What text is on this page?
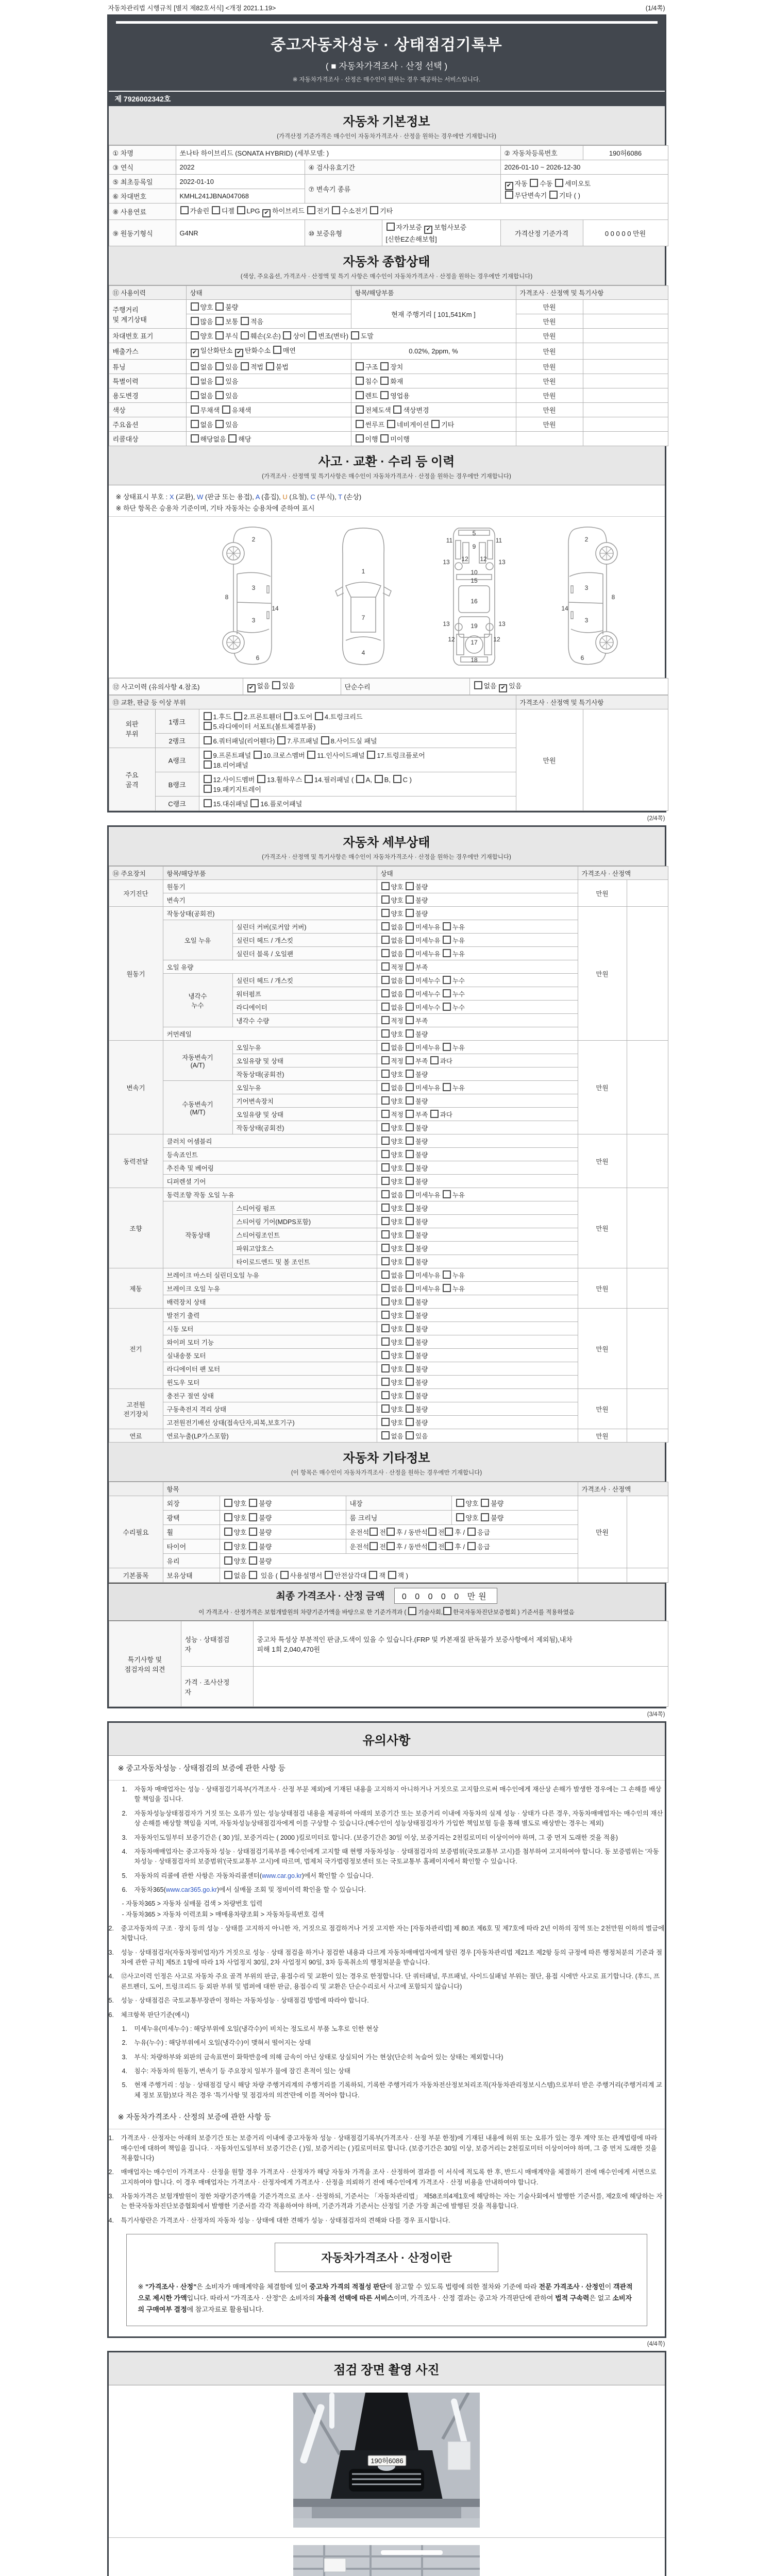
자동차관리법 시행규칙 [별지 제82호서식] <개정 2021.1.19>	(1/4쪽)
중고자동차성능 · 상태점검기록부
( ■ 자동차가격조사 · 산정 선택 )
※ 자동차가격조사 · 산정은 매수인이 원하는 경우 제공하는 서비스입니다.
제 7926002342호
자동차 기본정보
(가격산정 기준가격은 매수인이 자동차가격조사 · 산정을 원하는 경우에만 기재합니다)
① 차명	쏘나타 하이브리드 (SONATA HYBRID) (세부모델: )			② 자동차등록번호	190허6086
③ 연식	2022	④ 검사유효기간		2026-01-10 ~ 2026-12-30	
⑤ 최초등록일	2022-01-10	⑦ 변속기 종류		✔ 자동 수동 세미오토
무단변속기 기타 ( )	
⑥ 차대번호	KMHL241JBNA047068				
⑧ 사용연료	가솔린 디젤 LPG ✔ 하이브리드 전기 수소전기 기타				
⑨ 원동기형식	G4NR	⑩ 보증유형	자가보증 ✔ 보험사보증 [신한EZ손해보험]	가격산정 기준가격	0 0 0 0 0 만원
자동차 종합상태
(색상, 주요옵션, 가격조사 · 산정액 및 특기 사항은 매수인이 자동차가격조사 · 산정을 원하는 경우에만 기재합니다)
⑪ 사용이력	상태	항목/해당부품	가격조사 · 산정액 및 특기사항	
주행거리
및 계기상태	양호 불량	현재 주행거리 [ 101,541Km ]	만원	
	많음 보통 적음		만원	
차대번호 표기	양호 부식 훼손(오손) 상이 변조(변타) 도말		만원	
배출가스	✔ 일산화탄소 ✔ 탄화수소 매연	0.02%, 2ppm, %	만원	
튜닝	없음 있음 적법 불법	구조 장치	만원	
특별이력	없음 있음	침수 화재	만원	
용도변경	없음 있음	렌트 영업용	만원	
색상	무채색 유채색	전체도색 색상변경	만원	
주요옵션	없음 있음	썬루프 네비게이션 기타	만원	
리콜대상	해당없음 해당	이행 미이행		
사고 · 교환 · 수리 등 이력
(가격조사 · 산정액 및 특기사항은 매수인이 자동차가격조사 · 산정을 원하는 경우에만 기재합니다)
※ 상태표시 부호 : X (교환), W (판금 또는 용접), A (흠집), U (요철), C (부식), T (손상)
※ 하단 항목은 승용차 기준이며, 기타 자동차는 승용차에 준하여 표시
2
8
3
14
3
6
1
7
4
5
9
11	11
13	13
12 12
10
15
16
19
13	13
12	12
17
18
2
8
3
14
3
6
⑫ 사고이력 (유의사항 4.참조)	✔ 없음 있음	단순수리	없음 ✔ 있음
⑬ 교환, 판금 등 이상 부위			가격조사 · 산정액 및 특기사항	
외판
부위	1랭크	1.후드 2.프론트휀더 3.도어 4.트렁크리드
5.라디에이터 서포트(볼트체결부품)	만원	
	2랭크	6.쿼터패널(리어휀다) 7.루프패널 8.사이드실 패널		
주요
골격	A랭크	9.프론트패널 10.크로스멤버 11.인사이드패널 17.트렁크플로어
18.리어패널		
	B랭크	12.사이드멤버 13.휠하우스 14.필러패널 ( A, B, C )
19.패키지트레이		
	C랭크	15.대쉬패널 16.플로어패널		
(2/4쪽)
자동차 세부상태
(가격조사 · 산정액 및 특기사항은 매수인이 자동차가격조사 · 산정을 원하는 경우에만 기재합니다)
⑭ 주요장치	항목/해당부품		상태	가격조사 · 산정액	
자기진단	원동기		양호 불량	만원	
	변속기		양호 불량		
원동기	작동상태(공회전)		양호 불량	만원	
	오일 누유	실린더 커버(로커암 커버)	없음 미세누유 누유		
		실린더 헤드 / 개스킷	없음 미세누유 누유		
		실린더 블록 / 오일팬	없음 미세누유 누유		
	오일 유량		적정 부족		
	냉각수
누수	실린더 헤드 / 개스킷	없음 미세누수 누수		
		워터펌프	없음 미세누수 누수		
		라디에이터	없음 미세누수 누수		
		냉각수 수량	적정 부족		
	커먼레일		양호 불량		
변속기	자동변속기
(A/T)	오일누유	없음 미세누유 누유	만원	
		오일유량 및 상태	적정 부족 과다		
		작동상태(공회전)	양호 불량		
	수동변속기
(M/T)	오일누유	없음 미세누유 누유		
		기어변속장치	양호 불량		
		오일유량 및 상태	적정 부족 과다		
		작동상태(공회전)	양호 불량		
동력전달	클러치 어셈블리		양호 불량	만원	
	등속죠인트		양호 불량		
	추진축 및 베어링		양호 불량		
	디퍼렌셜 기어		양호 불량		
조향	동력조향 작동 오일 누유		없음 미세누유 누유	만원	
	작동상태	스티어링 펌프	양호 불량		
		스티어링 기어(MDPS포함)	양호 불량		
		스티어링조인트	양호 불량		
		파워고압호스	양호 불량		
		타이로드엔드 및 볼 조인트	양호 불량		
제동	브레이크 마스터 실린더오일 누유		없음 미세누유 누유	만원	
	브레이크 오일 누유		없음 미세누유 누유		
	배력장치 상태		양호 불량		
전기	발전기 출력		양호 불량	만원	
	시동 모터		양호 불량		
	와이퍼 모터 기능		양호 불량		
	실내송풍 모터		양호 불량		
	라디에이터 팬 모터		양호 불량		
	윈도우 모터		양호 불량		
고전원
전기장치	충전구 절연 상태		양호 불량	만원	
	구동축전지 격리 상태		양호 불량		
	고전원전기배선 상태(접속단자,피복,보호기구)		양호 불량		
연료	연료누출(LP가스포함)		없음 있음	만원	
자동차 기타정보
(이 항목은 매수인이 자동차가격조사 · 산정을 원하는 경우에만 기재합니다)
	항목				가격조사 · 산정액	
수리필요	외장	양호 불량	내장	양호 불량	만원	
	광택	양호 불량	룸 크리닝	양호 불량		
	휠	양호 불량	운전석 전 후 / 동반석 전 후 / 응급			
	타이어	양호 불량	운전석 전 후 / 동반석 전 후 / 응급			
	유리	양호 불량				
기본품목	보유상태	없음  있음 ( 사용설명서 안전삼각대 잭 잭 )				
최종 가격조사 · 산정 금액 0 0 0 0 0 만원
이 가격조사 · 산정가격은 보험개발원의 차량기준가액을 바탕으로 한 기준가격과 ( 기술사회, 한국자동차진단보증협회 ) 기준서를 적용하였음
특기사항 및
점검자의 의견	성능 · 상태점검
자	중고차 특성상 부분적인 판금,도색이 있을 수 있습니다.(FRP 및 카본재질 판독불가 보증사항에서 제외됨),내차
피해 1회 2,040,470원
	가격 · 조사산정
자	
(3/4쪽)
유의사항
※ 중고자동차성능 · 상태점검의 보증에 관한 사항 등
1.	자동차 매매업자는 성능 · 상태점검기록부(가격조사 · 산정 부분 제외)에 기재된 내용을 고지하지 아니하거나 거짓으로 고지함으로써 매수인에게 재산상 손해가 발생한 경우에는 그 손해를 배상할 책임을 집니다.
2.	자동차성능상태점검자가 거짓 또는 오류가 있는 성능상태점검 내용을 제공하여 아래의 보증기간 또는 보증거리 이내에 자동차의 실제 성능 · 상태가 다른 경우, 자동차매매업자는 매수인의 재산상 손해를 배상할 책임을 지며, 자동차성능상태점검자에게 이를 구상할 수 있습니다.(매수인이 성능상태점검자가 가입한 책임보험 등을 통해 별도로 배상받는 경우는 제외)
3.	자동차인도일부터 보증기간은 ( 30 )일, 보증거리는 ( 2000 )킬로미터로 합니다. (보증기간은 30일 이상, 보증거리는 2천킬로미터 이상이어야 하며, 그 중 먼저 도래한 것을 적용)
4.	자동차매매업자는 중고자동차 성능 · 상태점검기록부를 매수인에게 고지할 때 현행 자동차성능 · 상태점검자의 보증범위(국토교통부 고시)를 첨부하여 고지하여야 합니다. 동 보증범위는 '자동차성능 · 상태점검자의 보증범위'(국토교통부 고시)에 따르며, 법제처 국가법령정보센터 또는 국토교통부 홈페이지에서 확인할 수 있습니다.
5.	자동차의 리콜에 관한 사항은 자동차리콜센터(www.car.go.kr)에서 확인할 수 있습니다.
6.	자동차365(www.car365.go.kr)에서 실매물 조회 및 정비이력 확인을 할 수 있습니다.
- 자동차365 > 자동차 실매물 검색 > 차량번호 입력
- 자동차365 > 자동차 이력조회 > 매매용차량조회 > 자동차등록번호 검색
2.	중고자동차의 구조 · 장치 등의 성능 · 상태를 고지하지 아니한 자, 거짓으로 점검하거나 거짓 고지한 자는 [자동차관리법] 제 80조 제6호 및 제7호에 따라 2년 이하의 징역 또는 2천만원 이하의 벌금에 처합니다.
3.	성능 · 상태점검자(자동차정비업자)가 거짓으로 성능 · 상태 점검을 하거나 점검한 내용과 다르게 자동차매매업자에게 알린 경우 [자동차관리법 제21조 제2항 등의 규정에 따른 행정처분의 기준과 절차에 관한 규칙] 제5조 1항에 따라 1차 사업정지 30일, 2차 사업정지 90일, 3차 등록취소의 행정처분을 받습니다.
4.	⑫사고이력 인정은 사고로 자동차 주요 골격 부위의 판금, 용접수리 및 교환이 있는 경우로 한정합니다. 단 쿼터패널, 루프패널, 사이드실패널 부위는 절단, 용접 시에만 사고로 표기합니다. (후드, 프론트펜더, 도어, 트렁크리드 등 외판 부위 및 범퍼에 대한 판금, 용접수리 및 교환은 단순수리로서 사고에 포함되지 않습니다)
5.	성능 · 상태점검은 국토교통부장관이 정하는 자동차성능 · 상태점검 방법에 따라야 합니다.
6.	체크항목 판단기준(예시)
1.	미세누유(미세누수) : 해당부위에 오일(냉각수)이 비치는 정도로서 부품 노후로 인한 현상
2.	누유(누수) : 해당부위에서 오일(냉각수)이 맺혀서 떨어지는 상태
3.	부식: 차량하부와 외판의 금속표면이 화학반응에 의해 금속이 아닌 상태로 상실되어 가는 현상(단순히 녹슬어 있는 상태는 제외합니다)
4.	침수: 자동차의 원동기, 변속기 등 주요장치 일부가 물에 잠긴 흔적이 있는 상태
5.	현재 주행거리 : 성능 · 상태점검 당시 해당 차량 주행거리계의 주행거리를 기록하되, 기록한 주행거리가 자동차전산정보처리조직(자동차관리정보시스템)으로부터 받은 주행거리(주행거리계 교체 정보 포함)보다 적은 경우 '특기사항 및 점검자의 의견'란에 이를 적어야 합니다.
※ 자동차가격조사 · 산정의 보증에 관한 사항 등
1.	가격조사 · 산정자는 아래의 보증기간 또는 보증거리 이내에 중고자동차 성능 · 상태점검기록부(가격조사 · 산정 부분 한정)에 기재된 내용에 허위 또는 오류가 있는 경우 계약 또는 관계법령에 따라 매수인에 대하여 책임을 집니다. · 자동차인도일부터 보증기간은 ( )일, 보증거리는 ( )킬로미터로 합니다. (보증기간은 30일 이상, 보증거리는 2천킬로미터 이상이어야 하며, 그 중 먼저 도래한 것을 적용합니다)
2.	매매업자는 매수인이 가격조사 · 산정을 원할 경우 가격조사 · 산정자가 해당 자동차 가격을 조사 · 산정하여 결과를 이 서식에 적도록 한 후, 반드시 매매계약을 체결하기 전에 매수인에게 서면으로 고지하여야 합니다. 이 경우 매매업자는 가격조사 · 산정자에게 가격조사 · 산정을 의뢰하기 전에 매수인에게 가격조사 · 산정 비용을 안내하여야 합니다.
3.	자동차가격은 보험개발원이 정한 차량기준가액을 기준가격으로 조사 · 산정하되, 기준서는 「자동차관리법」 제58조의4제1호에 해당하는 자는 기술사회에서 발행한 기준서를, 제2호에 해당하는 자는 한국자동차진단보증협회에서 발행한 기준서를 각각 적용하여야 하며, 기준가격과 기준서는 산정일 기준 가장 최근에 발행된 것을 적용합니다.
4.	특기사항란은 가격조사 · 산정자의 자동차 성능 · 상태에 대한 견해가 성능 · 상태점검자의 견해와 다를 경우 표시합니다.
자동차가격조사 · 산정이란
※ "가격조사 · 산정"은 소비자가 매매계약을 체결함에 있어 중고차 가격의 적절성 판단에 참고할 수 있도록 법령에 의한 절차와 기준에 따라 전문 가격조사 · 산정인이 객관적으로 제시한 가액입니다. 따라서 "가격조사 · 산정"은 소비자의 자율적 선택에 따른 서비스이며, 가격조사 · 산정 결과는 중고차 가격판단에 관하여 법적 구속력은 없고 소비자의 구매여부 결정에 참고자료로 활용됩니다.
(4/4쪽)
점검 장면 촬영 사진
190허6086
